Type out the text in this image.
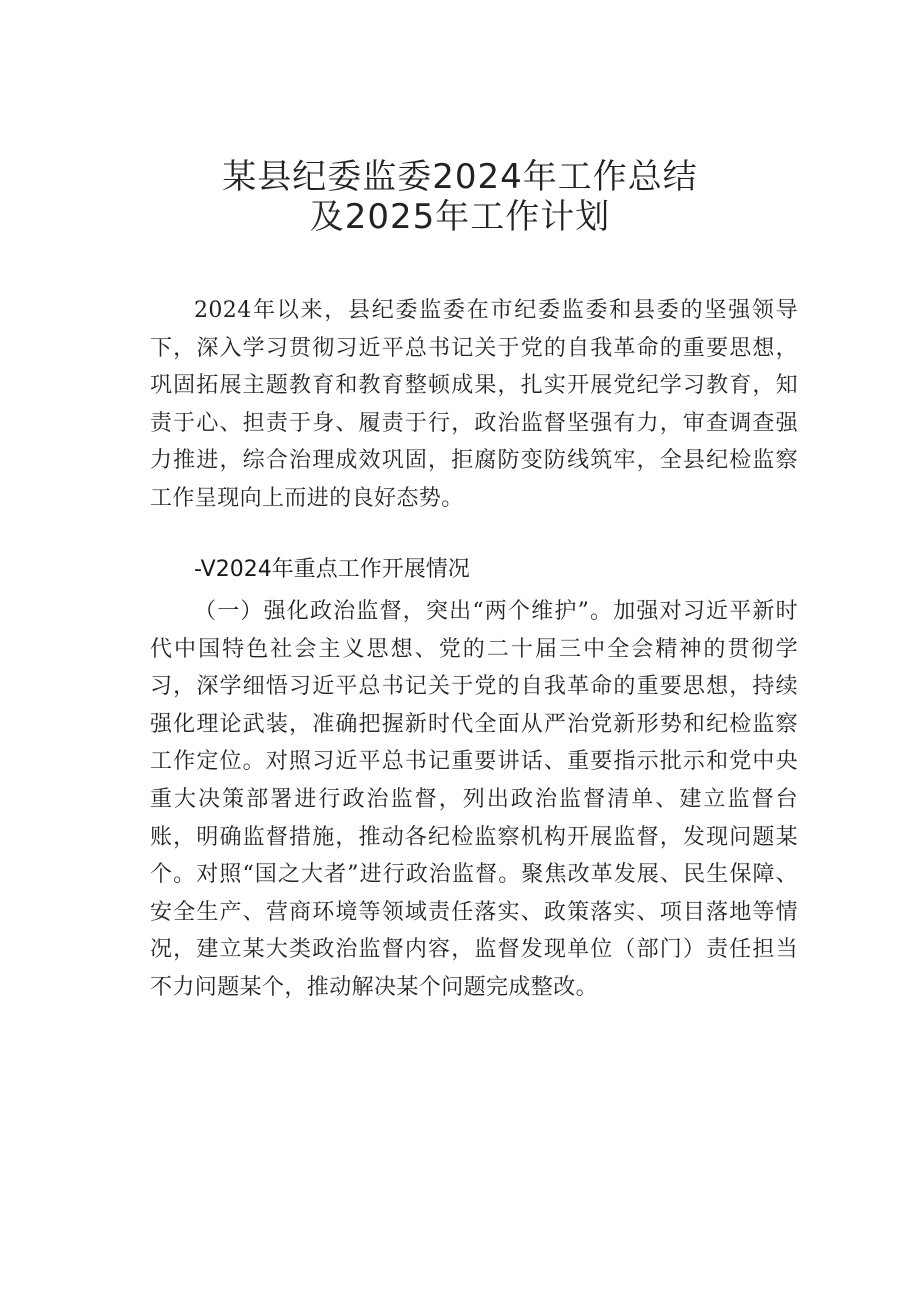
某县纪委监委2024年工作总结
及2025年工作计划

2024年以来，县纪委监委在市纪委监委和县委的坚强领导下，深入学习贯彻习近平总书记关于党的自我革命的重要思想，巩固拓展主题教育和教育整顿成果，扎实开展党纪学习教育，知责于心、担责于身、履责于行，政治监督坚强有力，审查调查强力推进，综合治理成效巩固，拒腐防变防线筑牢，全县纪检监察工作呈现向上而进的良好态势。

-V2024年重点工作开展情况

（一）强化政治监督，突出“两个维护”。加强对习近平新时代中国特色社会主义思想、党的二十届三中全会精神的贯彻学习，深学细悟习近平总书记关于党的自我革命的重要思想，持续强化理论武装，准确把握新时代全面从严治党新形势和纪检监察工作定位。对照习近平总书记重要讲话、重要指示批示和党中央重大决策部署进行政治监督，列出政治监督清单、建立监督台账，明确监督措施，推动各纪检监察机构开展监督，发现问题某个。对照“国之大者”进行政治监督。聚焦改革发展、民生保障、安全生产、营商环境等领域责任落实、政策落实、项目落地等情况，建立某大类政治监督内容，监督发现单位（部门）责任担当不力问题某个，推动解决某个问题完成整改。
